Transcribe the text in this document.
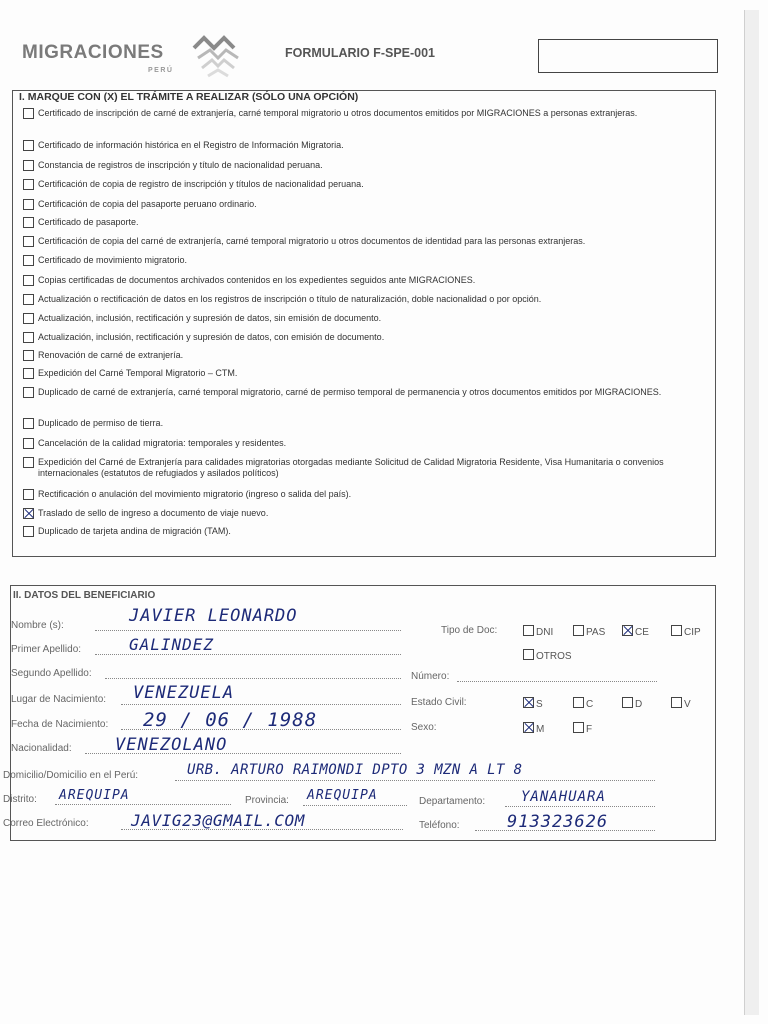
MIGRACIONES
PERÚ
FORMULARIO F-SPE-001
I. MARQUE CON (X) EL TRÁMITE A REALIZAR (SÓLO UNA OPCIÓN)
Certificado de inscripción de carné de extranjería, carné temporal migratorio u otros documentos emitidos por MIGRACIONES a personas extranjeras.
Certificado de información histórica en el Registro de Información Migratoria.
Constancia de registros de inscripción y título de nacionalidad peruana.
Certificación de copia de registro de inscripción y títulos de nacionalidad peruana.
Certificación de copia del pasaporte peruano ordinario.
Certificado de pasaporte.
Certificación de copia del carné de extranjería, carné temporal migratorio u otros documentos de identidad para las personas extranjeras.
Certificado de movimiento migratorio.
Copias certificadas de documentos archivados contenidos en los expedientes seguidos ante MIGRACIONES.
Actualización o rectificación de datos en los registros de inscripción o título de naturalización, doble nacionalidad o por opción.
Actualización, inclusión, rectificación y supresión de datos, sin emisión de documento.
Actualización, inclusión, rectificación y supresión de datos, con emisión de documento.
Renovación de carné de extranjería.
Expedición del Carné Temporal Migratorio – CTM.
Duplicado de carné de extranjería, carné temporal migratorio, carné de permiso temporal de permanencia y otros documentos emitidos por MIGRACIONES.
Duplicado de permiso de tierra.
Cancelación de la calidad migratoria: temporales y residentes.
Expedición del Carné de Extranjería para calidades migratorias otorgadas mediante Solicitud de Calidad Migratoria Residente, Visa Humanitaria o convenios internacionales (estatutos de refugiados y asilados políticos)
Rectificación o anulación del movimiento migratorio (ingreso o salida del país).
Traslado de sello de ingreso a documento de viaje nuevo.
Duplicado de tarjeta andina de migración (TAM).
II. DATOS DEL BENEFICIARIO
Nombre (s):	JAVIER LEONARDO
Primer Apellido:	GALINDEZ
Segundo Apellido:
Lugar de Nacimiento: VENEZUELA
Fecha de Nacimiento: 29 / 06 / 1988
Nacionalidad:	VENEZOLANO
Domicilio/Domicilio en el Perú:	URB. ARTURO RAIMONDI DPTO 3 MZN A LT 8
Distrito: AREQUIPA	Provincia: AREQUIPA	Departamento:	YANAHUARA
Correo Electrónico:	JAVIG23@GMAIL.COM	Teléfono:	913323626
Tipo de Doc:	DNI	PAS	CE	CIP
OTROS
Número:
Estado Civil:	S	C	D	V
Sexo:	M	F
